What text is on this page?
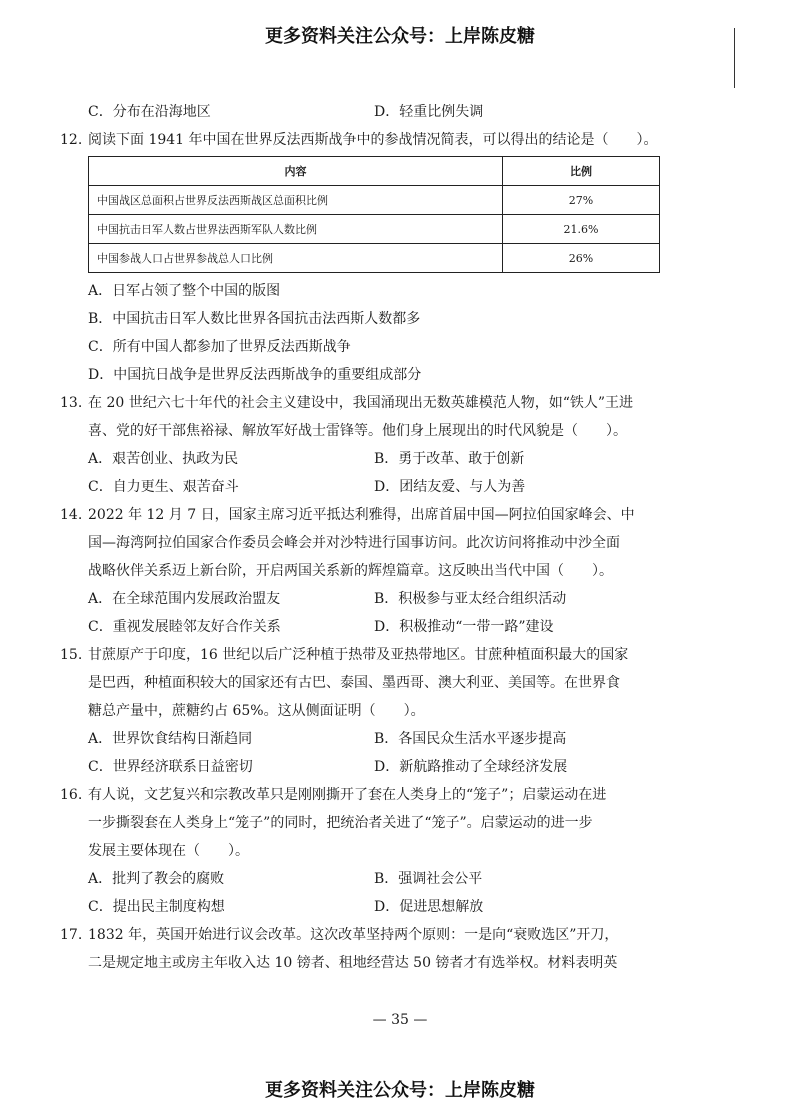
更多资料关注公众号：上岸陈皮糖
C．分布在沿海地区	D．轻重比例失调
12. 阅读下面 1941 年中国在世界反法西斯战争中的参战情况简表，可以得出的结论是（　　）。
内容	比例
中国战区总面积占世界反法西斯战区总面积比例	27%
中国抗击日军人数占世界法西斯军队人数比例	21.6%
中国参战人口占世界参战总人口比例	26%
A．日军占领了整个中国的版图
B．中国抗击日军人数比世界各国抗击法西斯人数都多
C．所有中国人都参加了世界反法西斯战争
D．中国抗日战争是世界反法西斯战争的重要组成部分
13. 在 20 世纪六七十年代的社会主义建设中，我国涌现出无数英雄模范人物，如“铁人”王进
喜、党的好干部焦裕禄、解放军好战士雷锋等。他们身上展现出的时代风貌是（　　）。
A．艰苦创业、执政为民	B．勇于改革、敢于创新
C．自力更生、艰苦奋斗	D．团结友爱、与人为善
14. 2022 年 12 月 7 日，国家主席习近平抵达利雅得，出席首届中国—阿拉伯国家峰会、中
国—海湾阿拉伯国家合作委员会峰会并对沙特进行国事访问。此次访问将推动中沙全面
战略伙伴关系迈上新台阶，开启两国关系新的辉煌篇章。这反映出当代中国（　　）。
A．在全球范围内发展政治盟友	B．积极参与亚太经合组织活动
C．重视发展睦邻友好合作关系	D．积极推动“一带一路”建设
15. 甘蔗原产于印度，16 世纪以后广泛种植于热带及亚热带地区。甘蔗种植面积最大的国家
是巴西，种植面积较大的国家还有古巴、泰国、墨西哥、澳大利亚、美国等。在世界食
糖总产量中，蔗糖约占 65%。这从侧面证明（　　）。
A．世界饮食结构日渐趋同	B．各国民众生活水平逐步提高
C．世界经济联系日益密切	D．新航路推动了全球经济发展
16. 有人说，文艺复兴和宗教改革只是刚刚撕开了套在人类身上的“笼子”；启蒙运动在进
一步撕裂套在人类身上“笼子”的同时，把统治者关进了“笼子”。启蒙运动的进一步
发展主要体现在（　　）。
A．批判了教会的腐败	B．强调社会公平
C．提出民主制度构想	D．促进思想解放
17. 1832 年，英国开始进行议会改革。这次改革坚持两个原则：一是向“衰败选区”开刀，
二是规定地主或房主年收入达 10 镑者、租地经营达 50 镑者才有选举权。材料表明英
— 35 —
更多资料关注公众号：上岸陈皮糖
